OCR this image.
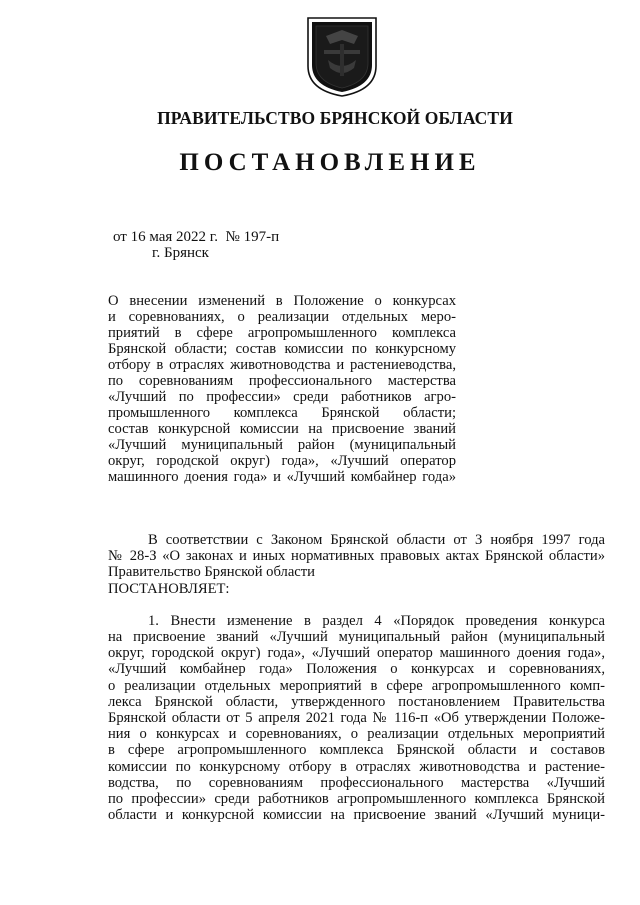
ПРАВИТЕЛЬСТВО БРЯНСКОЙ ОБЛАСТИ
ПОСТАНОВЛЕНИЕ
от 16 мая 2022 г. № 197-п
г. Брянск
О внесении изменений в Положение о конкурсах
и соревнованиях, о реализации отдельных меро-
приятий в сфере агропромышленного комплекса
Брянской области; состав комиссии по конкурсному
отбору в отраслях животноводства и растениеводства,
по соревнованиям профессионального мастерства
«Лучший по профессии» среди работников агро-
промышленного комплекса Брянской области;
состав конкурсной комиссии на присвоение званий
«Лучший муниципальный район (муниципальный
округ, городской округ) года», «Лучший оператор
машинного доения года» и «Лучший комбайнер года»
В соответствии с Законом Брянской области от 3 ноября 1997 года
№ 28-З «О законах и иных нормативных правовых актах Брянской области»
Правительство Брянской области
ПОСТАНОВЛЯЕТ:
1. Внести изменение в раздел 4 «Порядок проведения конкурса
на присвоение званий «Лучший муниципальный район (муниципальный
округ, городской округ) года», «Лучший оператор машинного доения года»,
«Лучший комбайнер года» Положения о конкурсах и соревнованиях,
о реализации отдельных мероприятий в сфере агропромышленного комп-
лекса Брянской области, утвержденного постановлением Правительства
Брянской области от 5 апреля 2021 года № 116-п «Об утверждении Положе-
ния о конкурсах и соревнованиях, о реализации отдельных мероприятий
в сфере агропромышленного комплекса Брянской области и составов
комиссии по конкурсному отбору в отраслях животноводства и растение-
водства, по соревнованиям профессионального мастерства «Лучший
по профессии» среди работников агропромышленного комплекса Брянской
области и конкурсной комиссии на присвоение званий «Лучший муници-
